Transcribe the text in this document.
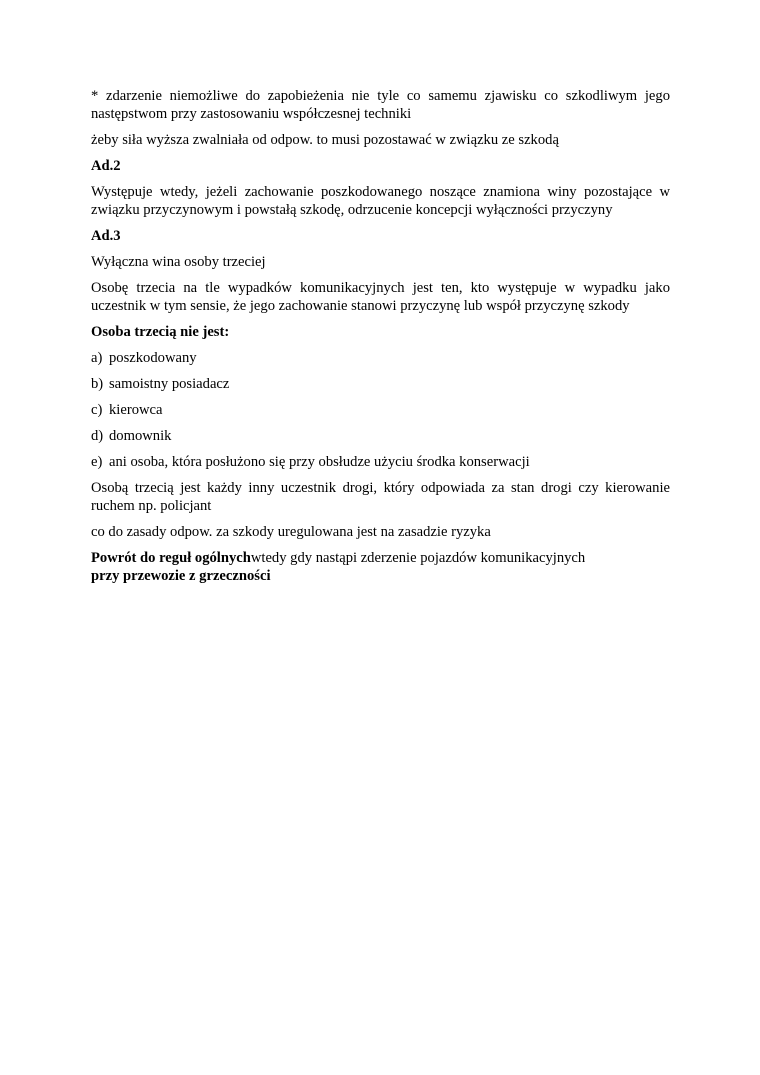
* zdarzenie niemożliwe do zapobieżenia nie tyle co samemu zjawisku co szkodliwym jego następstwom przy zastosowaniu współczesnej techniki

żeby siła wyższa zwalniała od odpow. to musi pozostawać w związku ze szkodą

Ad.2

Występuje wtedy, jeżeli zachowanie poszkodowanego noszące znamiona winy pozostające w związku przyczynowym i powstałą szkodę, odrzucenie koncepcji wyłączności przyczyny

Ad.3

Wyłączna wina osoby trzeciej

Osobę trzecia na tle wypadków komunikacyjnych jest ten, kto występuje w wypadku jako uczestnik w tym sensie, że jego zachowanie stanowi przyczynę lub współ przyczynę szkody

Osoba trzecią nie jest:

a) poszkodowany
b) samoistny posiadacz
c) kierowca
d) domownik
e) ani osoba, która posłużono się przy obsłudze użyciu środka konserwacji

Osobą trzecią jest każdy inny uczestnik drogi, który odpowiada za stan drogi czy kierowanie ruchem np. policjant

co do zasady odpow. za szkody uregulowana jest na zasadzie ryzyka

Powrót do reguł ogólnychwtedy gdy nastąpi zderzenie pojazdów komunikacyjnych

przy przewozie z grzeczności
